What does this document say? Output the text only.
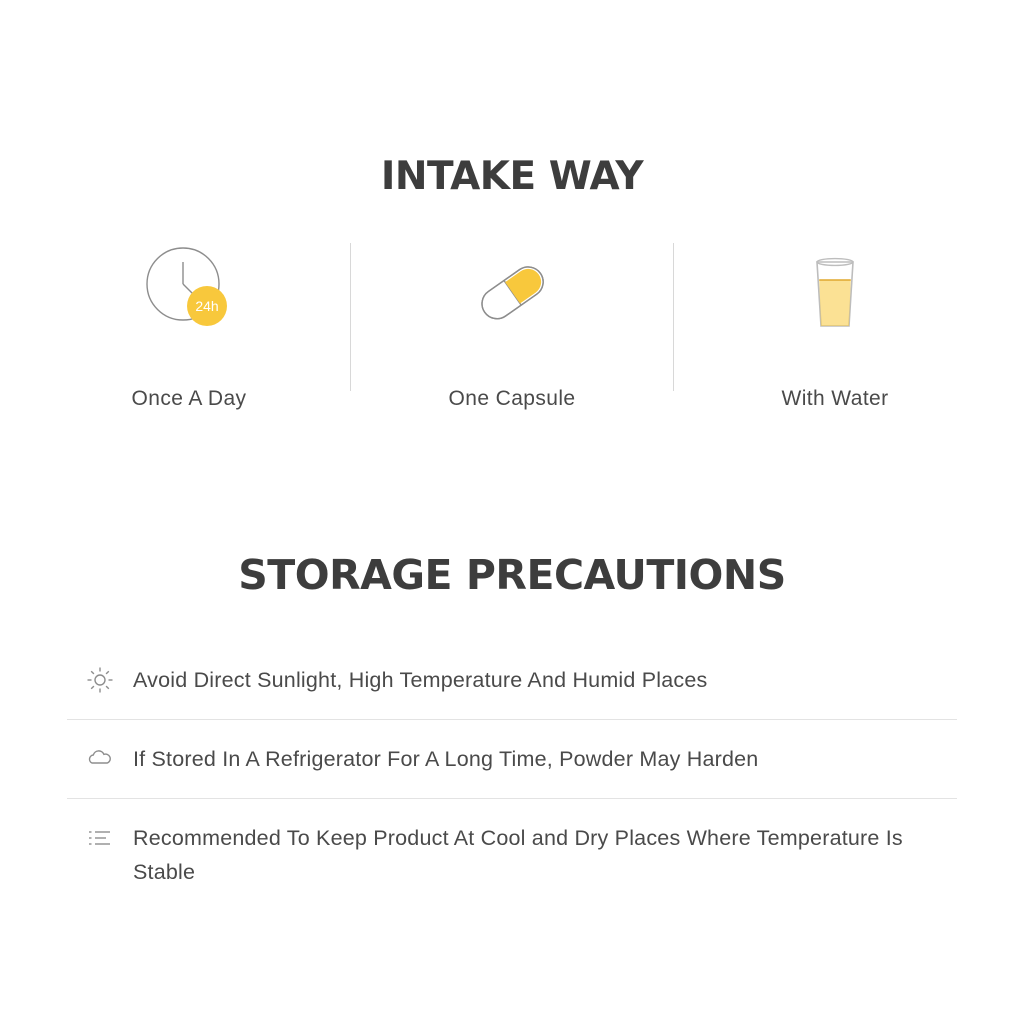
INTAKE WAY
24h
Once A Day	One Capsule	With Water
STORAGE PRECAUTIONS
Avoid Direct Sunlight, High Temperature And Humid Places
If Stored In A Refrigerator For A Long Time, Powder May Harden
Recommended To Keep Product At Cool and Dry Places Where Temperature Is Stable
